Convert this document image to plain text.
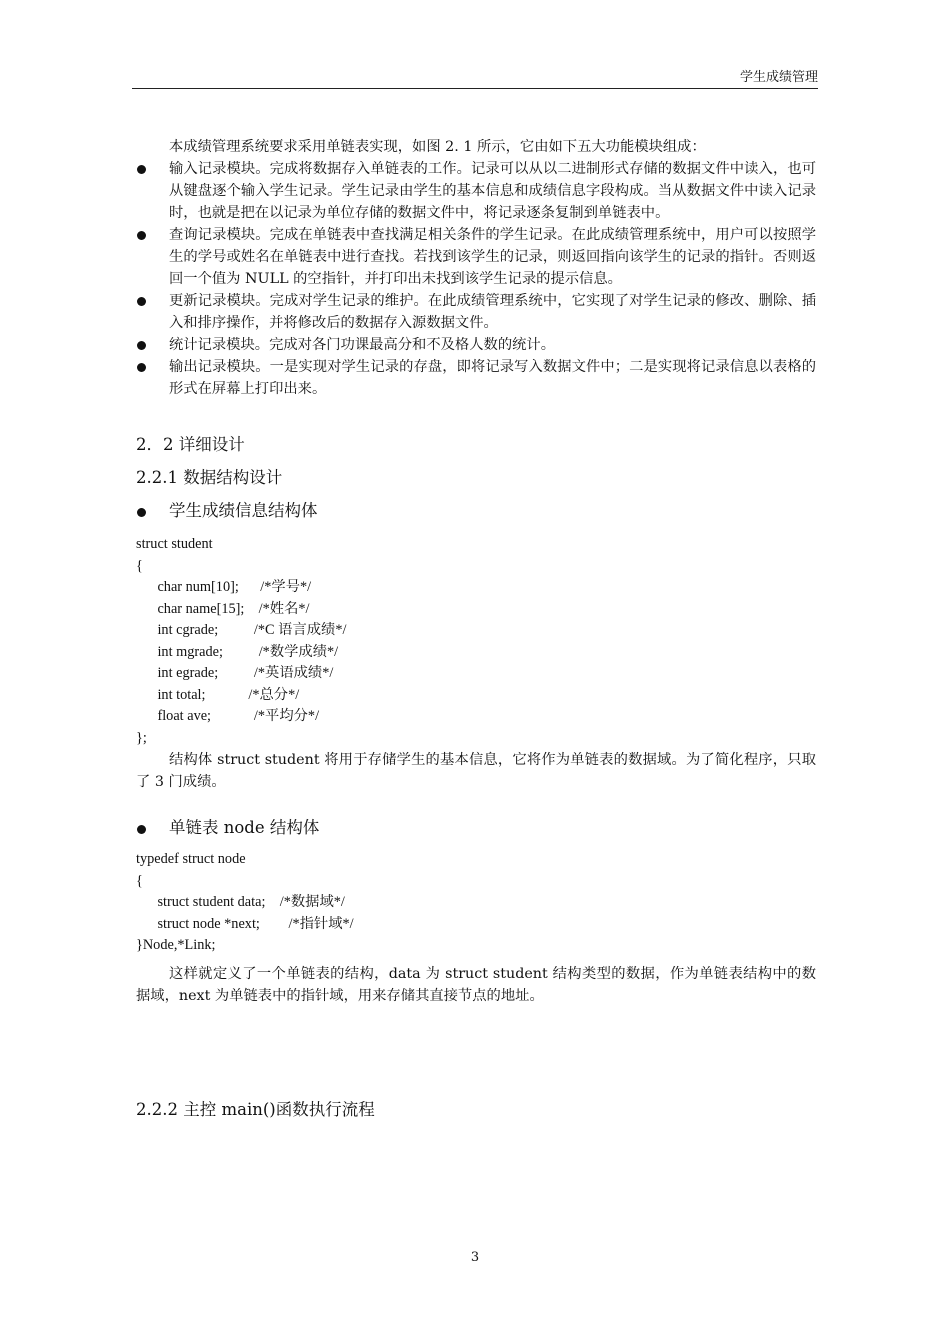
学生成绩管理

本成绩管理系统要求采用单链表实现，如图 2. 1 所示，它由如下五大功能模块组成：

输入记录模块。完成将数据存入单链表的工作。记录可以从以二进制形式存储的数据文件中读入，也可从键盘逐个输入学生记录。学生记录由学生的基本信息和成绩信息字段构成。当从数据文件中读入记录时，也就是把在以记录为单位存储的数据文件中，将记录逐条复制到单链表中。
查询记录模块。完成在单链表中查找满足相关条件的学生记录。在此成绩管理系统中，用户可以按照学生的学号或姓名在单链表中进行查找。若找到该学生的记录，则返回指向该学生的记录的指针。否则返回一个值为 NULL 的空指针，并打印出未找到该学生记录的提示信息。
更新记录模块。完成对学生记录的维护。在此成绩管理系统中，它实现了对学生记录的修改、删除、插入和排序操作，并将修改后的数据存入源数据文件。
统计记录模块。完成对各门功课最高分和不及格人数的统计。
输出记录模块。一是实现对学生记录的存盘，即将记录写入数据文件中；二是实现将记录信息以表格的形式在屏幕上打印出来。

2．2 详细设计

2.2.1 数据结构设计

学生成绩信息结构体
struct student
{
char num[10];      /*学号*/
char name[15];    /*姓名*/
int cgrade;          /*C 语言成绩*/
int mgrade;          /*数学成绩*/
int egrade;          /*英语成绩*/
int total;            /*总分*/
float ave;            /*平均分*/
};

结构体 struct student 将用于存储学生的基本信息，它将作为单链表的数据域。为了简化程序，只取了 3 门成绩。

单链表 node 结构体
typedef struct node
{
struct student data;    /*数据域*/
struct node *next;        /*指针域*/
}Node,*Link;

这样就定义了一个单链表的结构，data 为 struct student 结构类型的数据，作为单链表结构中的数据域，next 为单链表中的指针域，用来存储其直接节点的地址。

2.2.2 主控 main()函数执行流程

3
